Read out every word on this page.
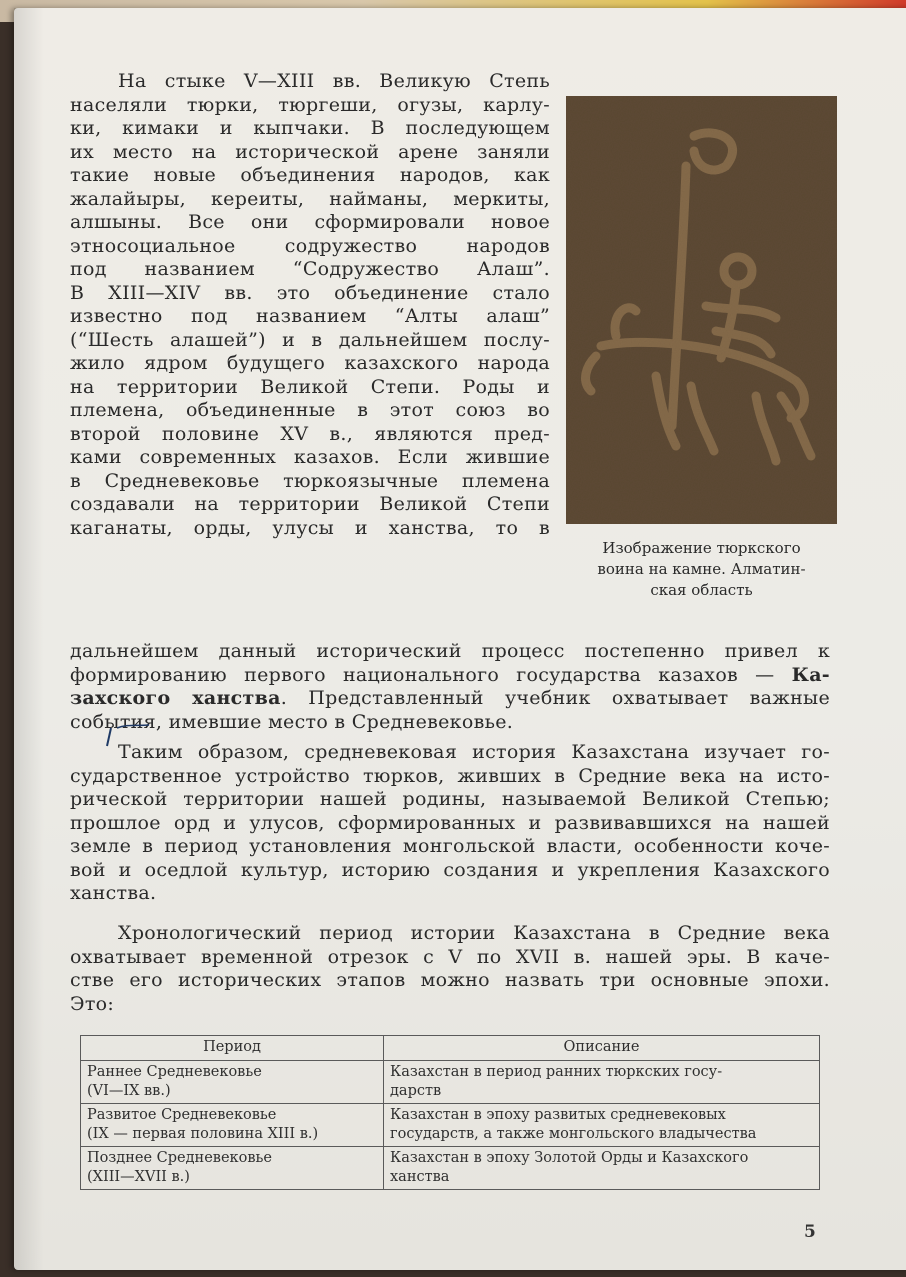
На стыке V—XIII вв. Великую Степь
населяли тюрки, тюргеши, огузы, карлу-
ки, кимаки и кыпчаки. В последующем
их место на исторической арене заняли
такие новые объединения народов, как
жалайыры, кереиты, найманы, меркиты,
алшыны. Все они сформировали новое
этносоциальное содружество народов
под названием “Содружество Алаш”.
В XIII—XIV вв. это объединение стало
известно под названием “Алты алаш”
(“Шесть алашей”) и в дальнейшем послу-
жило ядром будущего казахского народа
на территории Великой Степи. Роды и
племена, объединенные в этот союз во
второй половине XV в., являются пред-
ками современных казахов. Если жившие
в Средневековье тюркоязычные племена
создавали на территории Великой Степи
каганаты, орды, улусы и ханства, то в
Изображение тюркского
воина на камне. Алматин-
ская область
дальнейшем данный исторический процесс постепенно привел к
формированию первого национального государства казахов — Ка-
захского ханства. Представленный учебник охватывает важные
события, имевшие место в Средневековье.
Таким образом, средневековая история Казахстана изучает го-
сударственное устройство тюрков, живших в Средние века на исто-
рической территории нашей родины, называемой Великой Степью;
прошлое орд и улусов, сформированных и развивавшихся на нашей
земле в период установления монгольской власти, особенности коче-
вой и оседлой культур, историю создания и укрепления Казахского
ханства.
Хронологический период истории Казахстана в Средние века
охватывает временной отрезок с V по XVII в. нашей эры. В каче-
стве его исторических этапов можно назвать три основные эпохи.
Это:
Период	Описание

Раннее Средневековье
(VI—IX вв.)	Казахстан в период ранних тюркских госу-
дарств

Развитое Средневековье
(IX — первая половина XIII в.)	Казахстан в эпоху развитых средневековых
государств, а также монгольского владычества

Позднее Средневековье
(XIII—XVII в.)	Казахстан в эпоху Золотой Орды и Казахского
ханства
5
